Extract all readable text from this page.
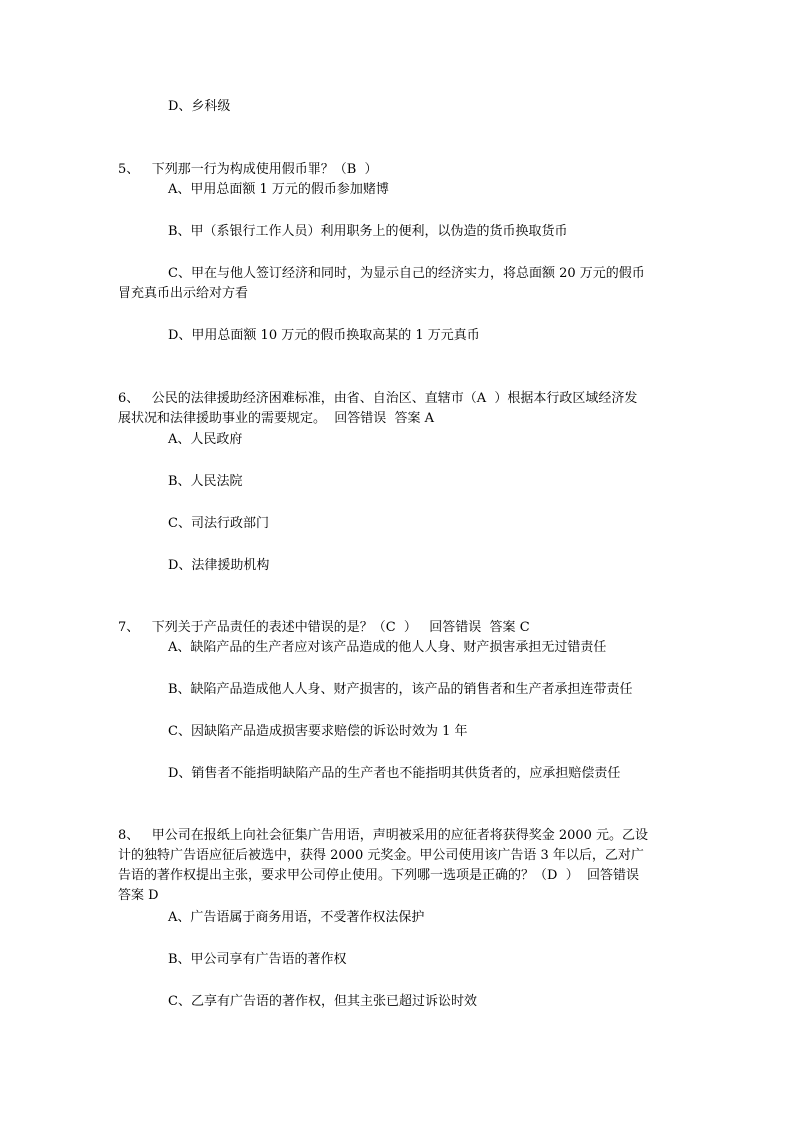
D、乡科级
5、 下列那一行为构成使用假币罪？（B  ）
A、甲用总面额 1 万元的假币参加赌博
B、甲（系银行工作人员）利用职务上的便利，以伪造的货币换取货币
C、甲在与他人签订经济和同时，为显示自己的经济实力，将总面额 20 万元的假币
冒充真币出示给对方看
D、甲用总面额 10 万元的假币换取高某的 1 万元真币
6、 公民的法律援助经济困难标准，由省、自治区、直辖市（A  ）根据本行政区域经济发
展状况和法律援助事业的需要规定。  回答错误  答案 A
A、人民政府
B、人民法院
C、司法行政部门
D、法律援助机构
7、 下列关于产品责任的表述中错误的是？（C  ）   回答错误  答案 C
A、缺陷产品的生产者应对该产品造成的他人人身、财产损害承担无过错责任
B、缺陷产品造成他人人身、财产损害的，该产品的销售者和生产者承担连带责任
C、因缺陷产品造成损害要求赔偿的诉讼时效为 1 年
D、销售者不能指明缺陷产品的生产者也不能指明其供货者的，应承担赔偿责任
8、 甲公司在报纸上向社会征集广告用语，声明被采用的应征者将获得奖金 2000 元。乙设
计的独特广告语应征后被选中，获得 2000 元奖金。甲公司使用该广告语 3 年以后，乙对广
告语的著作权提出主张，要求甲公司停止使用。下列哪一选项是正确的？（D  ）  回答错误
答案 D
A、广告语属于商务用语，不受著作权法保护
B、甲公司享有广告语的著作权
C、乙享有广告语的著作权，但其主张已超过诉讼时效
